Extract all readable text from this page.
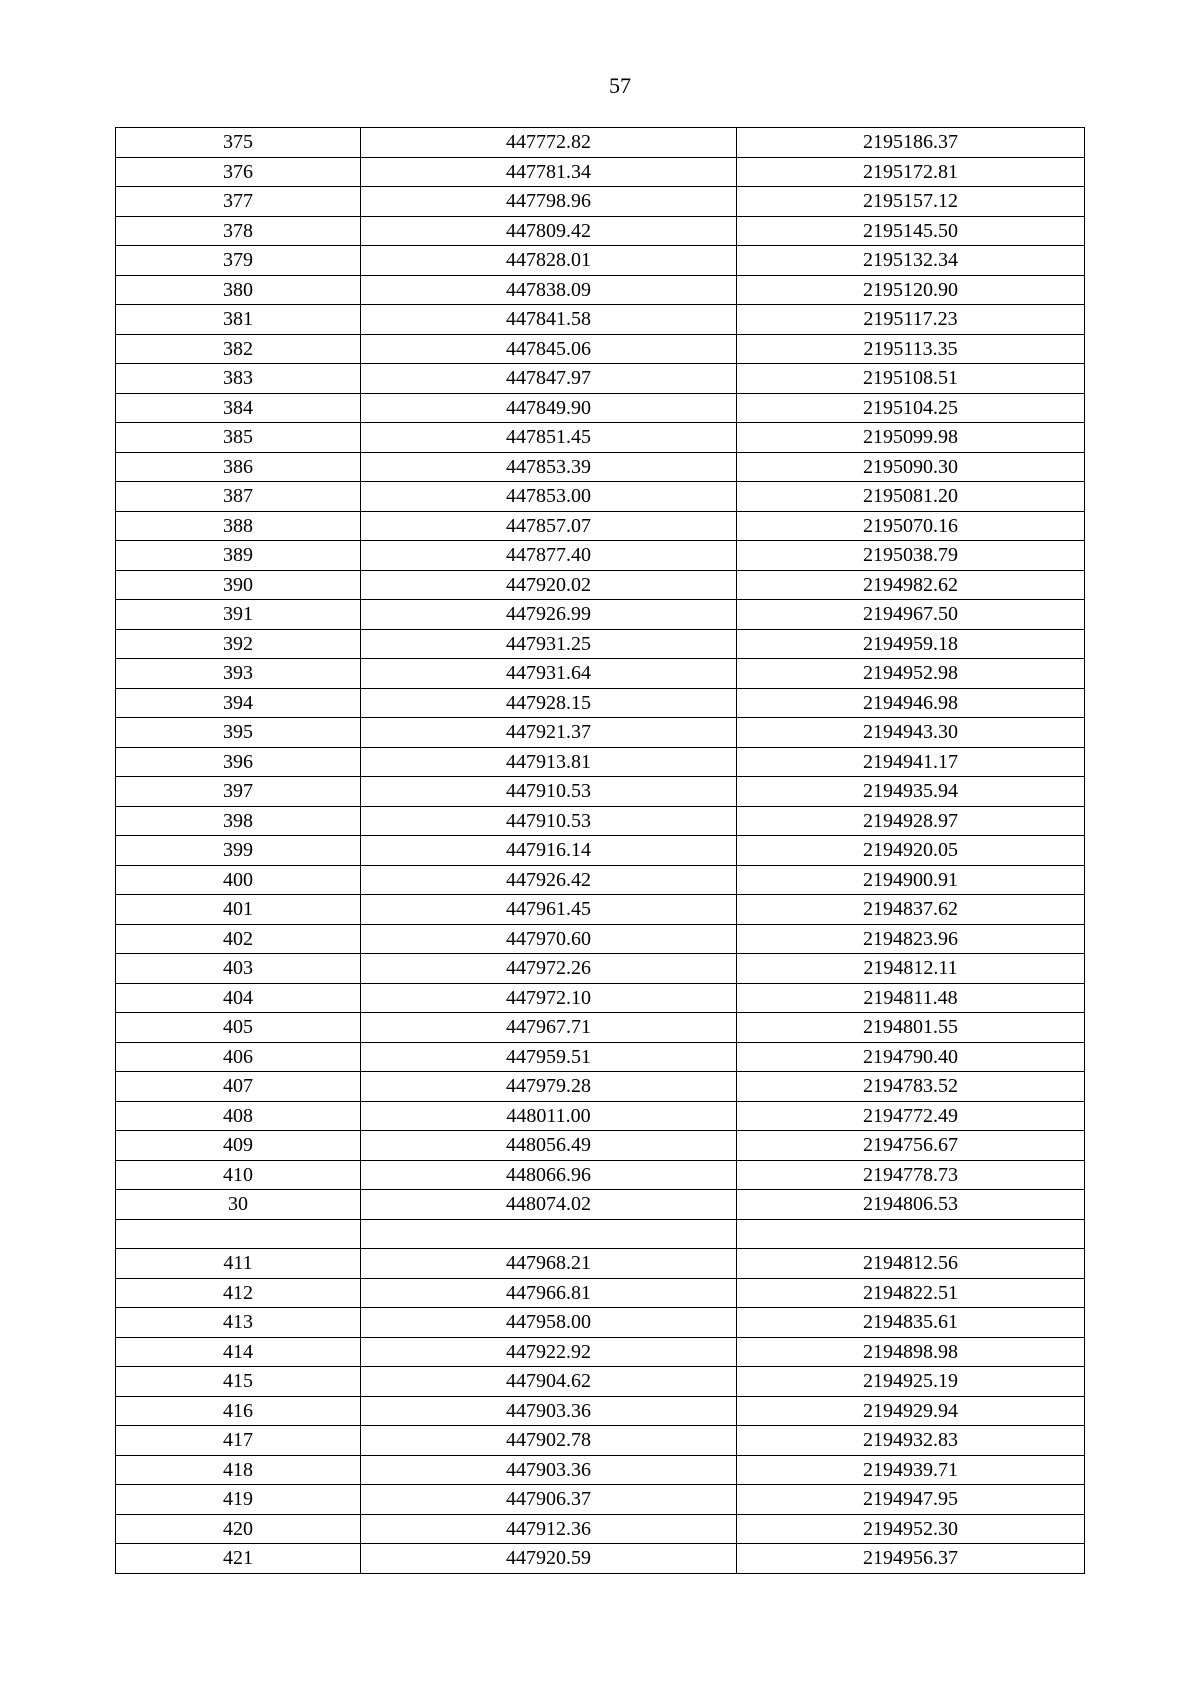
57
375	447772.82	2195186.37
376	447781.34	2195172.81
377	447798.96	2195157.12
378	447809.42	2195145.50
379	447828.01	2195132.34
380	447838.09	2195120.90
381	447841.58	2195117.23
382	447845.06	2195113.35
383	447847.97	2195108.51
384	447849.90	2195104.25
385	447851.45	2195099.98
386	447853.39	2195090.30
387	447853.00	2195081.20
388	447857.07	2195070.16
389	447877.40	2195038.79
390	447920.02	2194982.62
391	447926.99	2194967.50
392	447931.25	2194959.18
393	447931.64	2194952.98
394	447928.15	2194946.98
395	447921.37	2194943.30
396	447913.81	2194941.17
397	447910.53	2194935.94
398	447910.53	2194928.97
399	447916.14	2194920.05
400	447926.42	2194900.91
401	447961.45	2194837.62
402	447970.60	2194823.96
403	447972.26	2194812.11
404	447972.10	2194811.48
405	447967.71	2194801.55
406	447959.51	2194790.40
407	447979.28	2194783.52
408	448011.00	2194772.49
409	448056.49	2194756.67
410	448066.96	2194778.73
30	448074.02	2194806.53

411	447968.21	2194812.56
412	447966.81	2194822.51
413	447958.00	2194835.61
414	447922.92	2194898.98
415	447904.62	2194925.19
416	447903.36	2194929.94
417	447902.78	2194932.83
418	447903.36	2194939.71
419	447906.37	2194947.95
420	447912.36	2194952.30
421	447920.59	2194956.37
